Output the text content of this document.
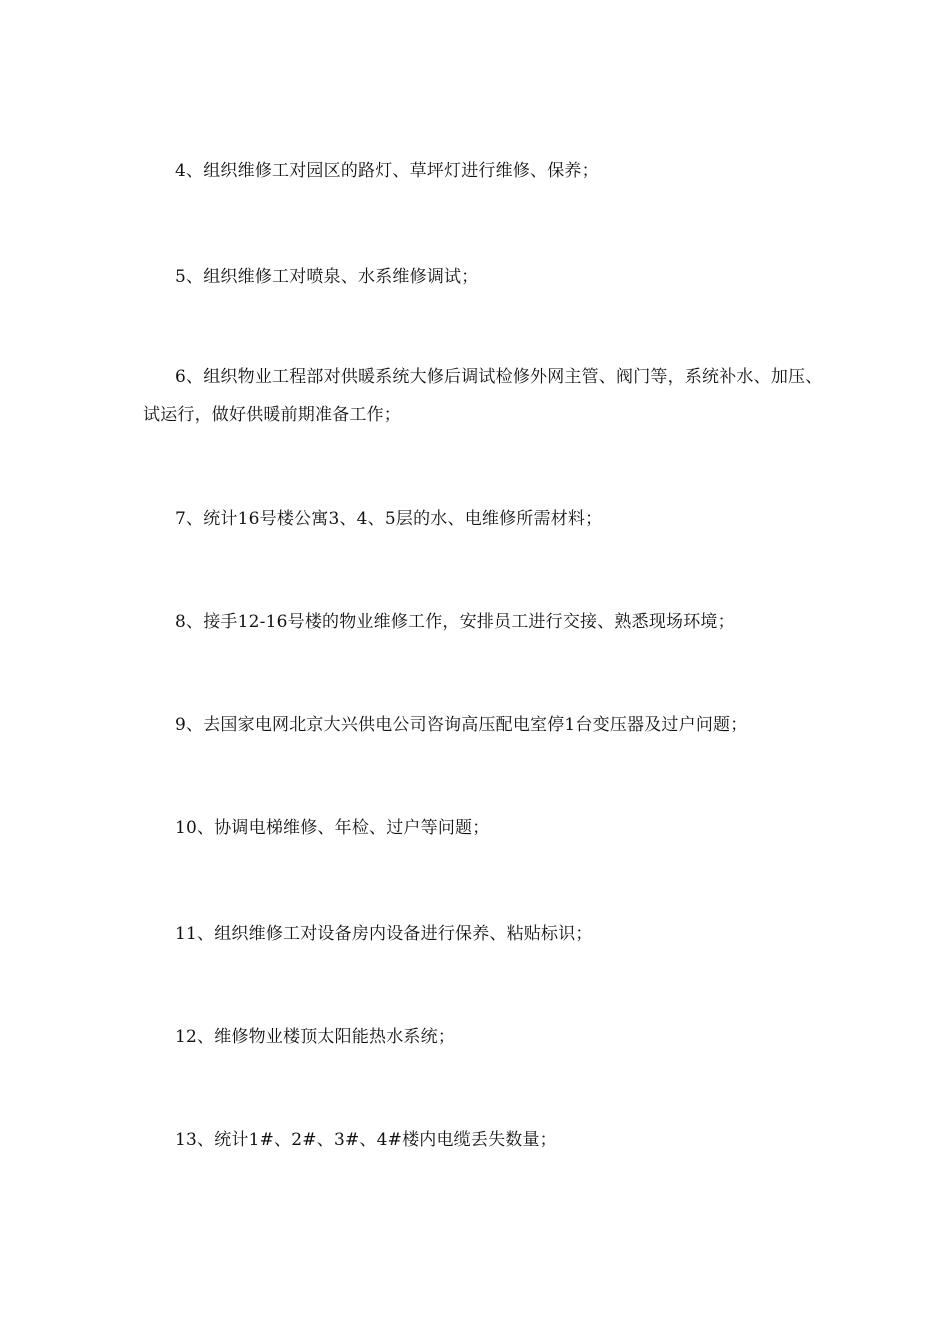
4、组织维修工对园区的路灯、草坪灯进行维修、保养；

5、组织维修工对喷泉、水系维修调试；

6、组织物业工程部对供暖系统大修后调试检修外网主管、阀门等，系统补水、加压、试运行，做好供暖前期准备工作；

7、统计16号楼公寓3、4、5层的水、电维修所需材料；

8、接手12-16号楼的物业维修工作，安排员工进行交接、熟悉现场环境；

9、去国家电网北京大兴供电公司咨询高压配电室停1台变压器及过户问题；

10、协调电梯维修、年检、过户等问题；

11、组织维修工对设备房内设备进行保养、粘贴标识；

12、维修物业楼顶太阳能热水系统；

13、统计1#、2#、3#、4#楼内电缆丢失数量；
